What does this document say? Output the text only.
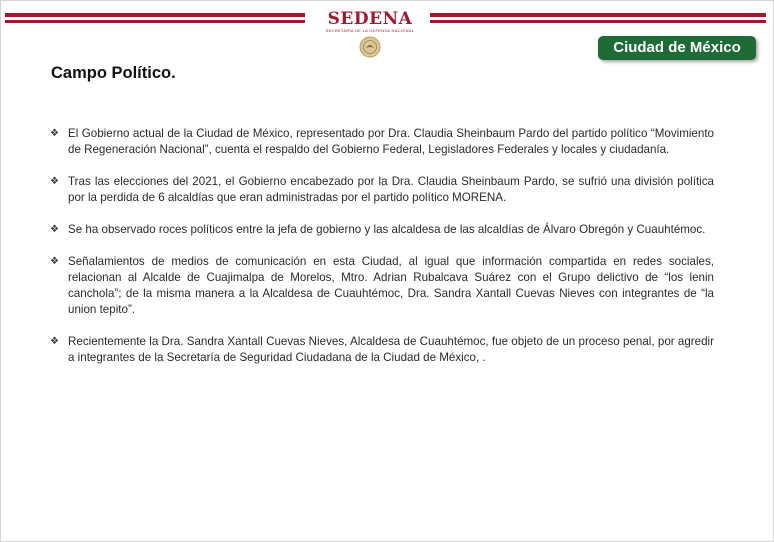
SEDENA
SECRETARÍA DE LA DEFENSA NACIONAL
Ciudad de México
Campo Político.
❖ El Gobierno actual de la Ciudad de México, representado por Dra. Claudia Sheinbaum Pardo del partido político “Movimiento de Regeneración Nacional”, cuenta el respaldo del Gobierno Federal, Legisladores Federales y locales y ciudadanía.
❖ Tras las elecciones del 2021, el Gobierno encabezado por la Dra. Claudia Sheinbaum Pardo, se sufrió una división política por la perdida de 6 alcaldías que eran administradas por el partido político MORENA.
❖ Se ha observado roces políticos entre la jefa de gobierno y las alcaldesa de las alcaldías de Álvaro Obregón y Cuauhtémoc.
❖ Señalamientos de medios de comunicación en esta Ciudad, al igual que información compartida en redes sociales, relacionan al Alcalde de Cuajimalpa de Morelos, Mtro. Adrian Rubalcava Suárez con el Grupo delictivo de “los lenin canchola”; de la misma manera a la Alcaldesa de Cuauhtémoc, Dra. Sandra Xantall Cuevas Nieves con integrantes de “la union tepito”.
❖ Recientemente la Dra. Sandra Xantall Cuevas Nieves, Alcaldesa de Cuauhtémoc, fue objeto de un proceso penal, por agredir a integrantes de la Secretaría de Seguridad Ciudadana de la Ciudad de México, .
